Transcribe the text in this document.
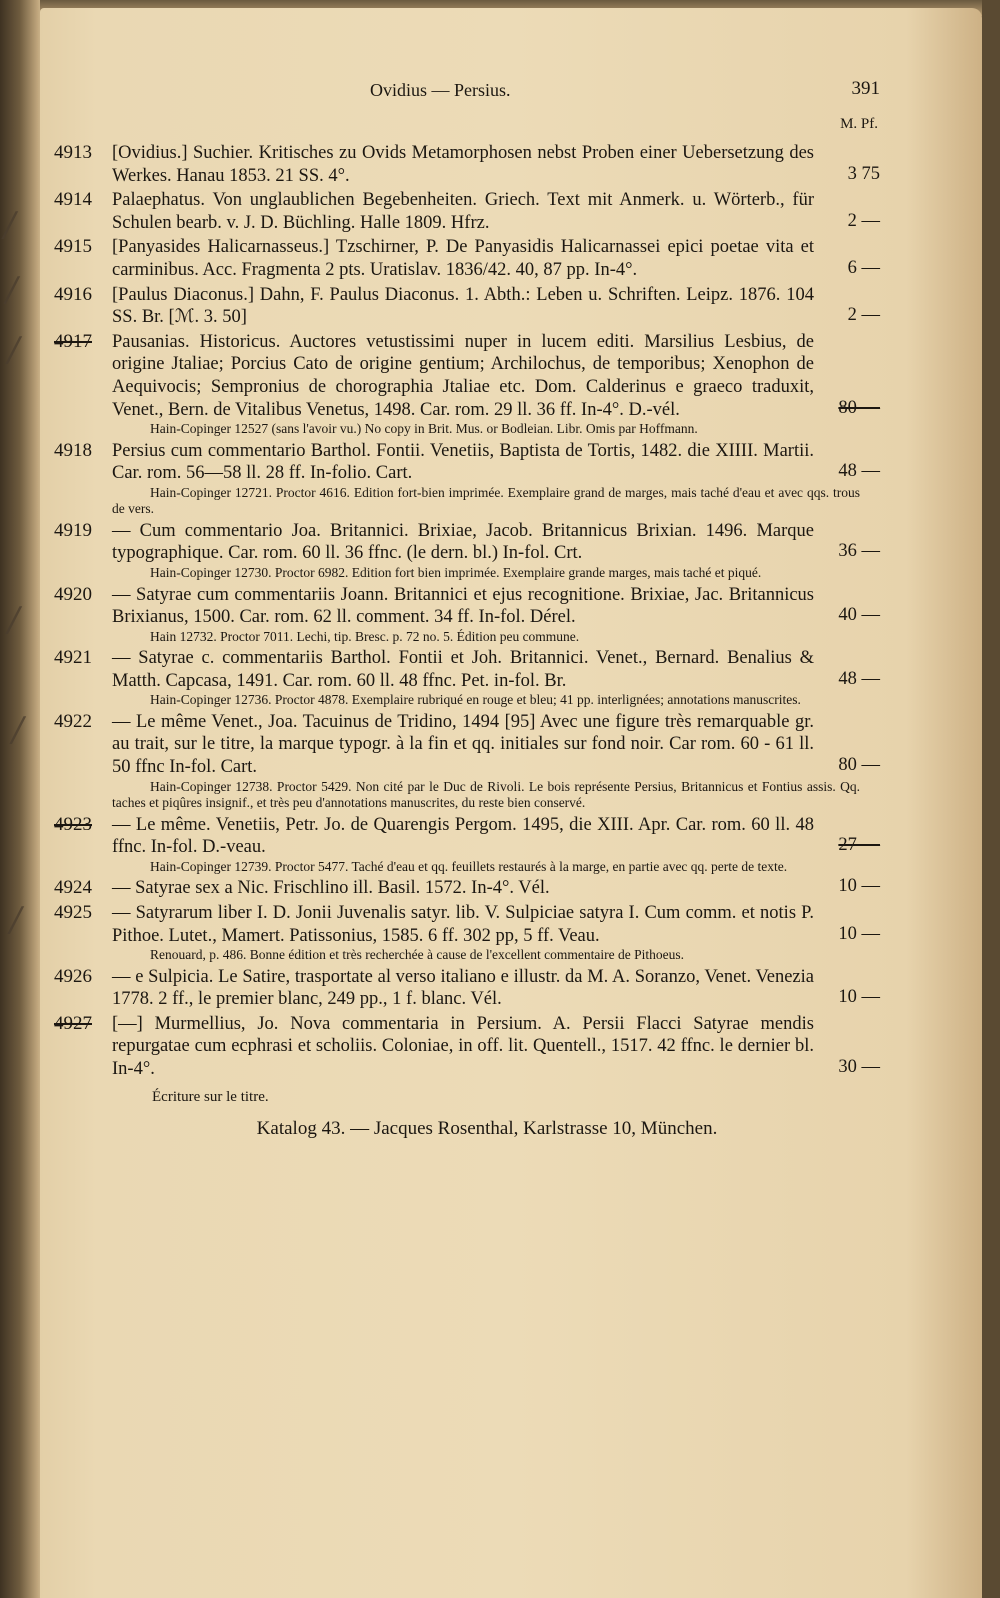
/
/
/
/
/
/
Ovidius — Persius.	391
M. Pf.
4913 [Ovidius.] Suchier. Kritisches zu Ovids Metamorphosen nebst Proben einer Uebersetzung des Werkes. Hanau 1853. 21 SS. 4°.	3 75
4914 Palaephatus. Von unglaublichen Begebenheiten. Griech. Text mit Anmerk. u. Wörterb., für Schulen bearb. v. J. D. Büchling. Halle 1809. Hfrz.	2 —
4915 [Panyasides Halicarnasseus.] Tzschirner, P. De Panyasidis Halicarnassei epici poetae vita et carminibus. Acc. Fragmenta 2 pts. Uratislav. 1836/42. 40, 87 pp. In-4°.	6 —
4916 [Paulus Diaconus.] Dahn, F. Paulus Diaconus. 1. Abth.: Leben u. Schriften. Leipz. 1876. 104 SS. Br. [ℳ. 3. 50]	2 —
4917 Pausanias. Historicus. Auctores vetustissimi nuper in lucem editi. Marsilius Lesbius, de origine Jtaliae; Porcius Cato de origine gentium; Archilochus, de temporibus; Xenophon de Aequivocis; Sempronius de chorographia Jtaliae etc. Dom. Calderinus e graeco traduxit, Venet., Bern. de Vitalibus Venetus, 1498. Car. rom. 29 ll. 36 ff. In-4°. D.-vél.	80 —
Hain-Copinger 12527 (sans l'avoir vu.) No copy in Brit. Mus. or Bodleian. Libr. Omis par Hoffmann.
4918 Persius cum commentario Barthol. Fontii. Venetiis, Baptista de Tortis, 1482. die XIIII. Martii. Car. rom. 56—58 ll. 28 ff. In-folio. Cart.	48 —
Hain-Copinger 12721. Proctor 4616. Edition fort-bien imprimée. Exemplaire grand de marges, mais taché d'eau et avec qqs. trous de vers.
4919 — Cum commentario Joa. Britannici. Brixiae, Jacob. Britannicus Brixian. 1496. Marque typographique. Car. rom. 60 ll. 36 ffnc. (le dern. bl.) In-fol. Crt.	36 —
Hain-Copinger 12730. Proctor 6982. Edition fort bien imprimée. Exemplaire grande marges, mais taché et piqué.
4920 — Satyrae cum commentariis Joann. Britannici et ejus recognitione. Brixiae, Jac. Britannicus Brixianus, 1500. Car. rom. 62 ll. comment. 34 ff. In-fol. Dérel.	40 —
Hain 12732. Proctor 7011. Lechi, tip. Bresc. p. 72 no. 5. Édition peu commune.
4921 — Satyrae c. commentariis Barthol. Fontii et Joh. Britannici. Venet., Bernard. Benalius & Matth. Capcasa, 1491. Car. rom. 60 ll. 48 ffnc. Pet. in-fol. Br.	48 —
Hain-Copinger 12736. Proctor 4878. Exemplaire rubriqué en rouge et bleu; 41 pp. interlignées; annotations manuscrites.
4922 — Le même Venet., Joa. Tacuinus de Tridino, 1494 [95] Avec une figure très remarquable gr. au trait, sur le titre, la marque typogr. à la fin et qq. initiales sur fond noir. Car rom. 60 - 61 ll. 50 ffnc In-fol. Cart.	80 —
Hain-Copinger 12738. Proctor 5429. Non cité par le Duc de Rivoli. Le bois représente Persius, Britannicus et Fontius assis. Qq. taches et piqûres insignif., et très peu d'annotations manuscrites, du reste bien conservé.
4923 — Le même. Venetiis, Petr. Jo. de Quarengis Pergom. 1495, die XIII. Apr. Car. rom. 60 ll. 48 ffnc. In-fol. D.-veau.	27 —
Hain-Copinger 12739. Proctor 5477. Taché d'eau et qq. feuillets restaurés à la marge, en partie avec qq. perte de texte.
4924 — Satyrae sex a Nic. Frischlino ill. Basil. 1572. In-4°. Vél.	10 —
4925 — Satyrarum liber I. D. Jonii Juvenalis satyr. lib. V. Sulpiciae satyra I. Cum comm. et notis P. Pithoe. Lutet., Mamert. Patissonius, 1585. 6 ff. 302 pp, 5 ff. Veau.	10 —
Renouard, p. 486. Bonne édition et très recherchée à cause de l'excellent commentaire de Pithoeus.
4926 — e Sulpicia. Le Satire, trasportate al verso italiano e illustr. da M. A. Soranzo, Venet. Venezia 1778. 2 ff., le premier blanc, 249 pp., 1 f. blanc. Vél.	10 —
4927 [—] Murmellius, Jo. Nova commentaria in Persium. A. Persii Flacci Satyrae mendis repurgatae cum ecphrasi et scholiis. Coloniae, in off. lit. Quentell., 1517. 42 ffnc. le dernier bl. In-4°.	30 —
Écriture sur le titre.
Katalog 43. — Jacques Rosenthal, Karlstrasse 10, München.
